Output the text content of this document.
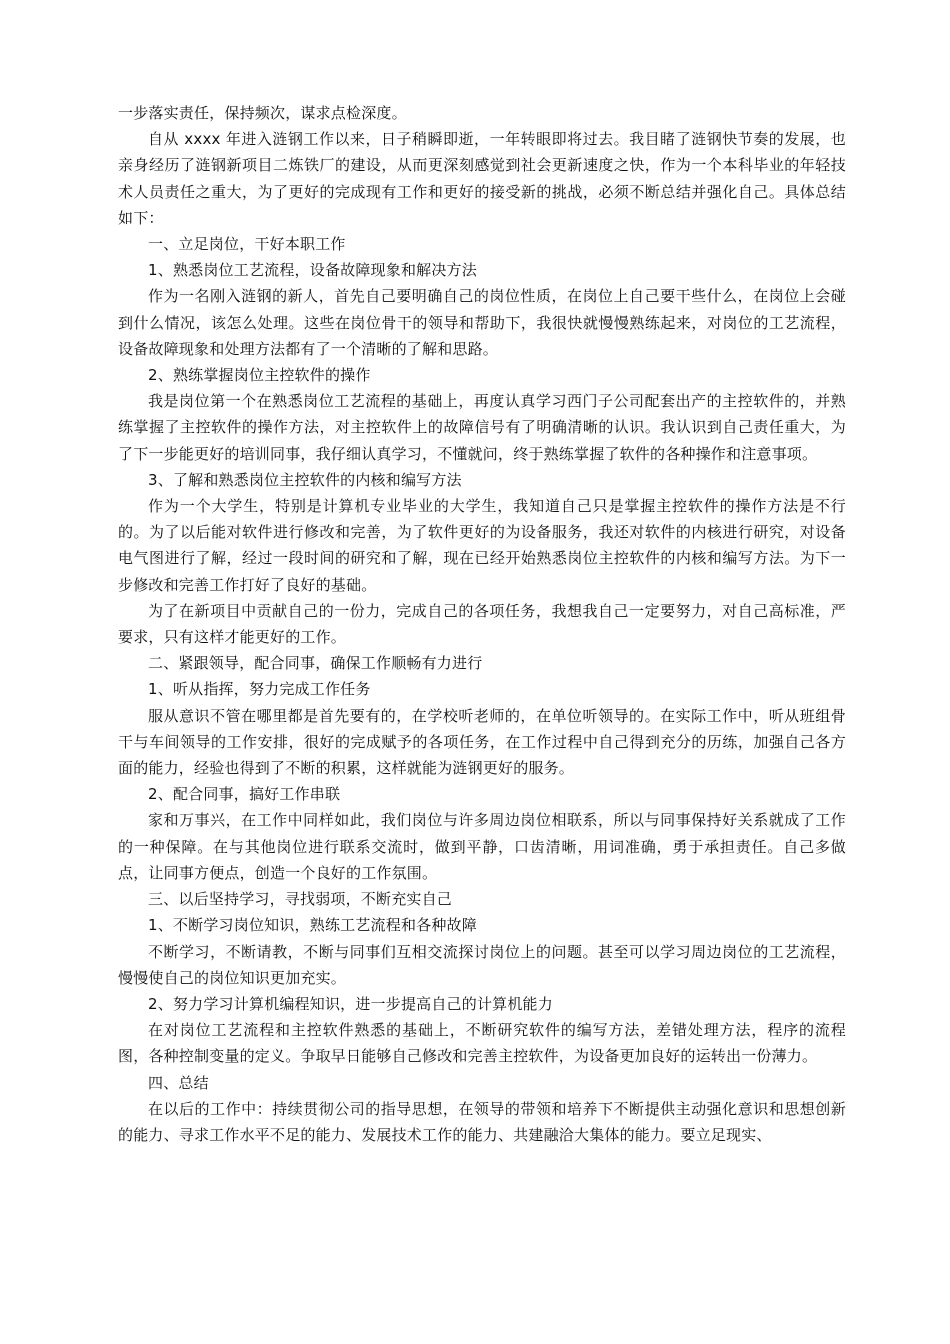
一步落实责任，保持频次，谋求点检深度。

自从 xxxx 年进入涟钢工作以来，日子稍瞬即逝，一年转眼即将过去。我目睹了涟钢快节奏的发展，也亲身经历了涟钢新项目二炼铁厂的建设，从而更深刻感觉到社会更新速度之快，作为一个本科毕业的年轻技术人员责任之重大，为了更好的完成现有工作和更好的接受新的挑战，必须不断总结并强化自己。具体总结如下：

一、立足岗位，干好本职工作

1、熟悉岗位工艺流程，设备故障现象和解决方法

作为一名刚入涟钢的新人，首先自己要明确自己的岗位性质，在岗位上自己要干些什么，在岗位上会碰到什么情况，该怎么处理。这些在岗位骨干的领导和帮助下，我很快就慢慢熟练起来，对岗位的工艺流程，设备故障现象和处理方法都有了一个清晰的了解和思路。

2、熟练掌握岗位主控软件的操作

我是岗位第一个在熟悉岗位工艺流程的基础上，再度认真学习西门子公司配套出产的主控软件的，并熟练掌握了主控软件的操作方法，对主控软件上的故障信号有了明确清晰的认识。我认识到自己责任重大，为了下一步能更好的培训同事，我仔细认真学习，不懂就问，终于熟练掌握了软件的各种操作和注意事项。

3、了解和熟悉岗位主控软件的内核和编写方法

作为一个大学生，特别是计算机专业毕业的大学生，我知道自己只是掌握主控软件的操作方法是不行的。为了以后能对软件进行修改和完善，为了软件更好的为设备服务，我还对软件的内核进行研究，对设备电气图进行了解，经过一段时间的研究和了解，现在已经开始熟悉岗位主控软件的内核和编写方法。为下一步修改和完善工作打好了良好的基础。

为了在新项目中贡献自己的一份力，完成自己的各项任务，我想我自己一定要努力，对自己高标准，严要求，只有这样才能更好的工作。

二、紧跟领导，配合同事，确保工作顺畅有力进行

1、听从指挥，努力完成工作任务

服从意识不管在哪里都是首先要有的，在学校听老师的，在单位听领导的。在实际工作中，听从班组骨干与车间领导的工作安排，很好的完成赋予的各项任务，在工作过程中自己得到充分的历练，加强自己各方面的能力，经验也得到了不断的积累，这样就能为涟钢更好的服务。

2、配合同事，搞好工作串联

家和万事兴，在工作中同样如此，我们岗位与许多周边岗位相联系，所以与同事保持好关系就成了工作的一种保障。在与其他岗位进行联系交流时，做到平静，口齿清晰，用词准确，勇于承担责任。自己多做点，让同事方便点，创造一个良好的工作氛围。

三、以后坚持学习，寻找弱项，不断充实自己

1、不断学习岗位知识，熟练工艺流程和各种故障

不断学习，不断请教，不断与同事们互相交流探讨岗位上的问题。甚至可以学习周边岗位的工艺流程，慢慢使自己的岗位知识更加充实。

2、努力学习计算机编程知识，进一步提高自己的计算机能力

在对岗位工艺流程和主控软件熟悉的基础上，不断研究软件的编写方法，差错处理方法，程序的流程图，各种控制变量的定义。争取早日能够自己修改和完善主控软件，为设备更加良好的运转出一份薄力。

四、总结

在以后的工作中：持续贯彻公司的指导思想，在领导的带领和培养下不断提供主动强化意识和思想创新的能力、寻求工作水平不足的能力、发展技术工作的能力、共建融洽大集体的能力。要立足现实、
